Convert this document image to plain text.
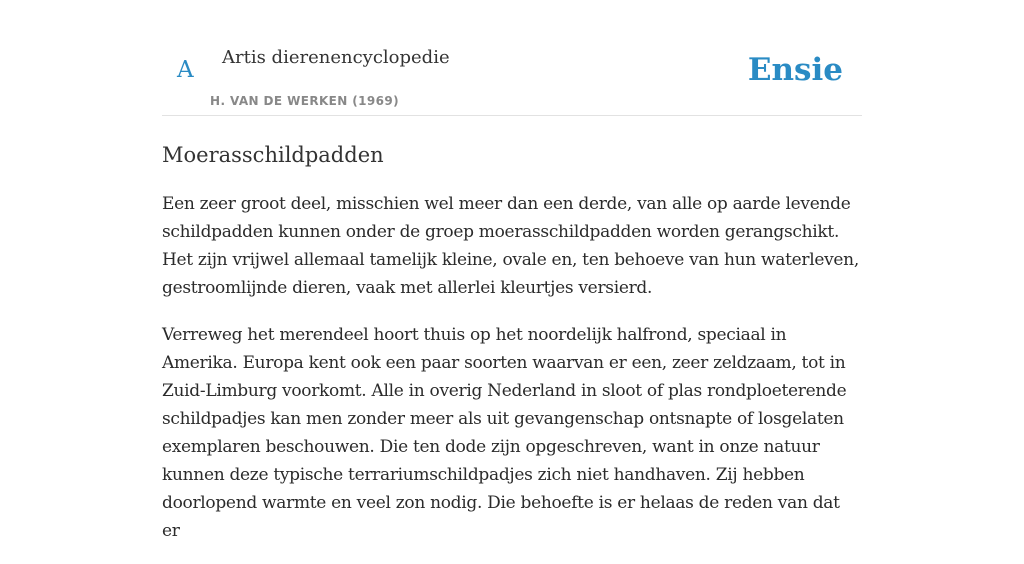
A Artis dierenencyclopedie
H. VAN DE WERKEN (1969)
Ensie
Moerasschildpadden

Een zeer groot deel, misschien wel meer dan een derde, van alle op aarde levende schildpadden kunnen onder de groep moerasschildpadden worden gerangschikt. Het zijn vrijwel allemaal tamelijk kleine, ovale en, ten behoeve van hun waterleven, gestroomlijnde dieren, vaak met allerlei kleurtjes versierd.

Verreweg het merendeel hoort thuis op het noordelijk halfrond, speciaal in Amerika. Europa kent ook een paar soorten waarvan er een, zeer zeldzaam, tot in Zuid-Limburg voorkomt. Alle in overig Nederland in sloot of plas rondploeterende schildpadjes kan men zonder meer als uit gevangenschap ontsnapte of losgelaten exemplaren beschouwen. Die ten dode zijn opgeschreven, want in onze natuur kunnen deze typische terrariumschildpadjes zich niet handhaven. Zij hebben doorlopend warmte en veel zon nodig. Die behoefte is er helaas de reden van dat er
